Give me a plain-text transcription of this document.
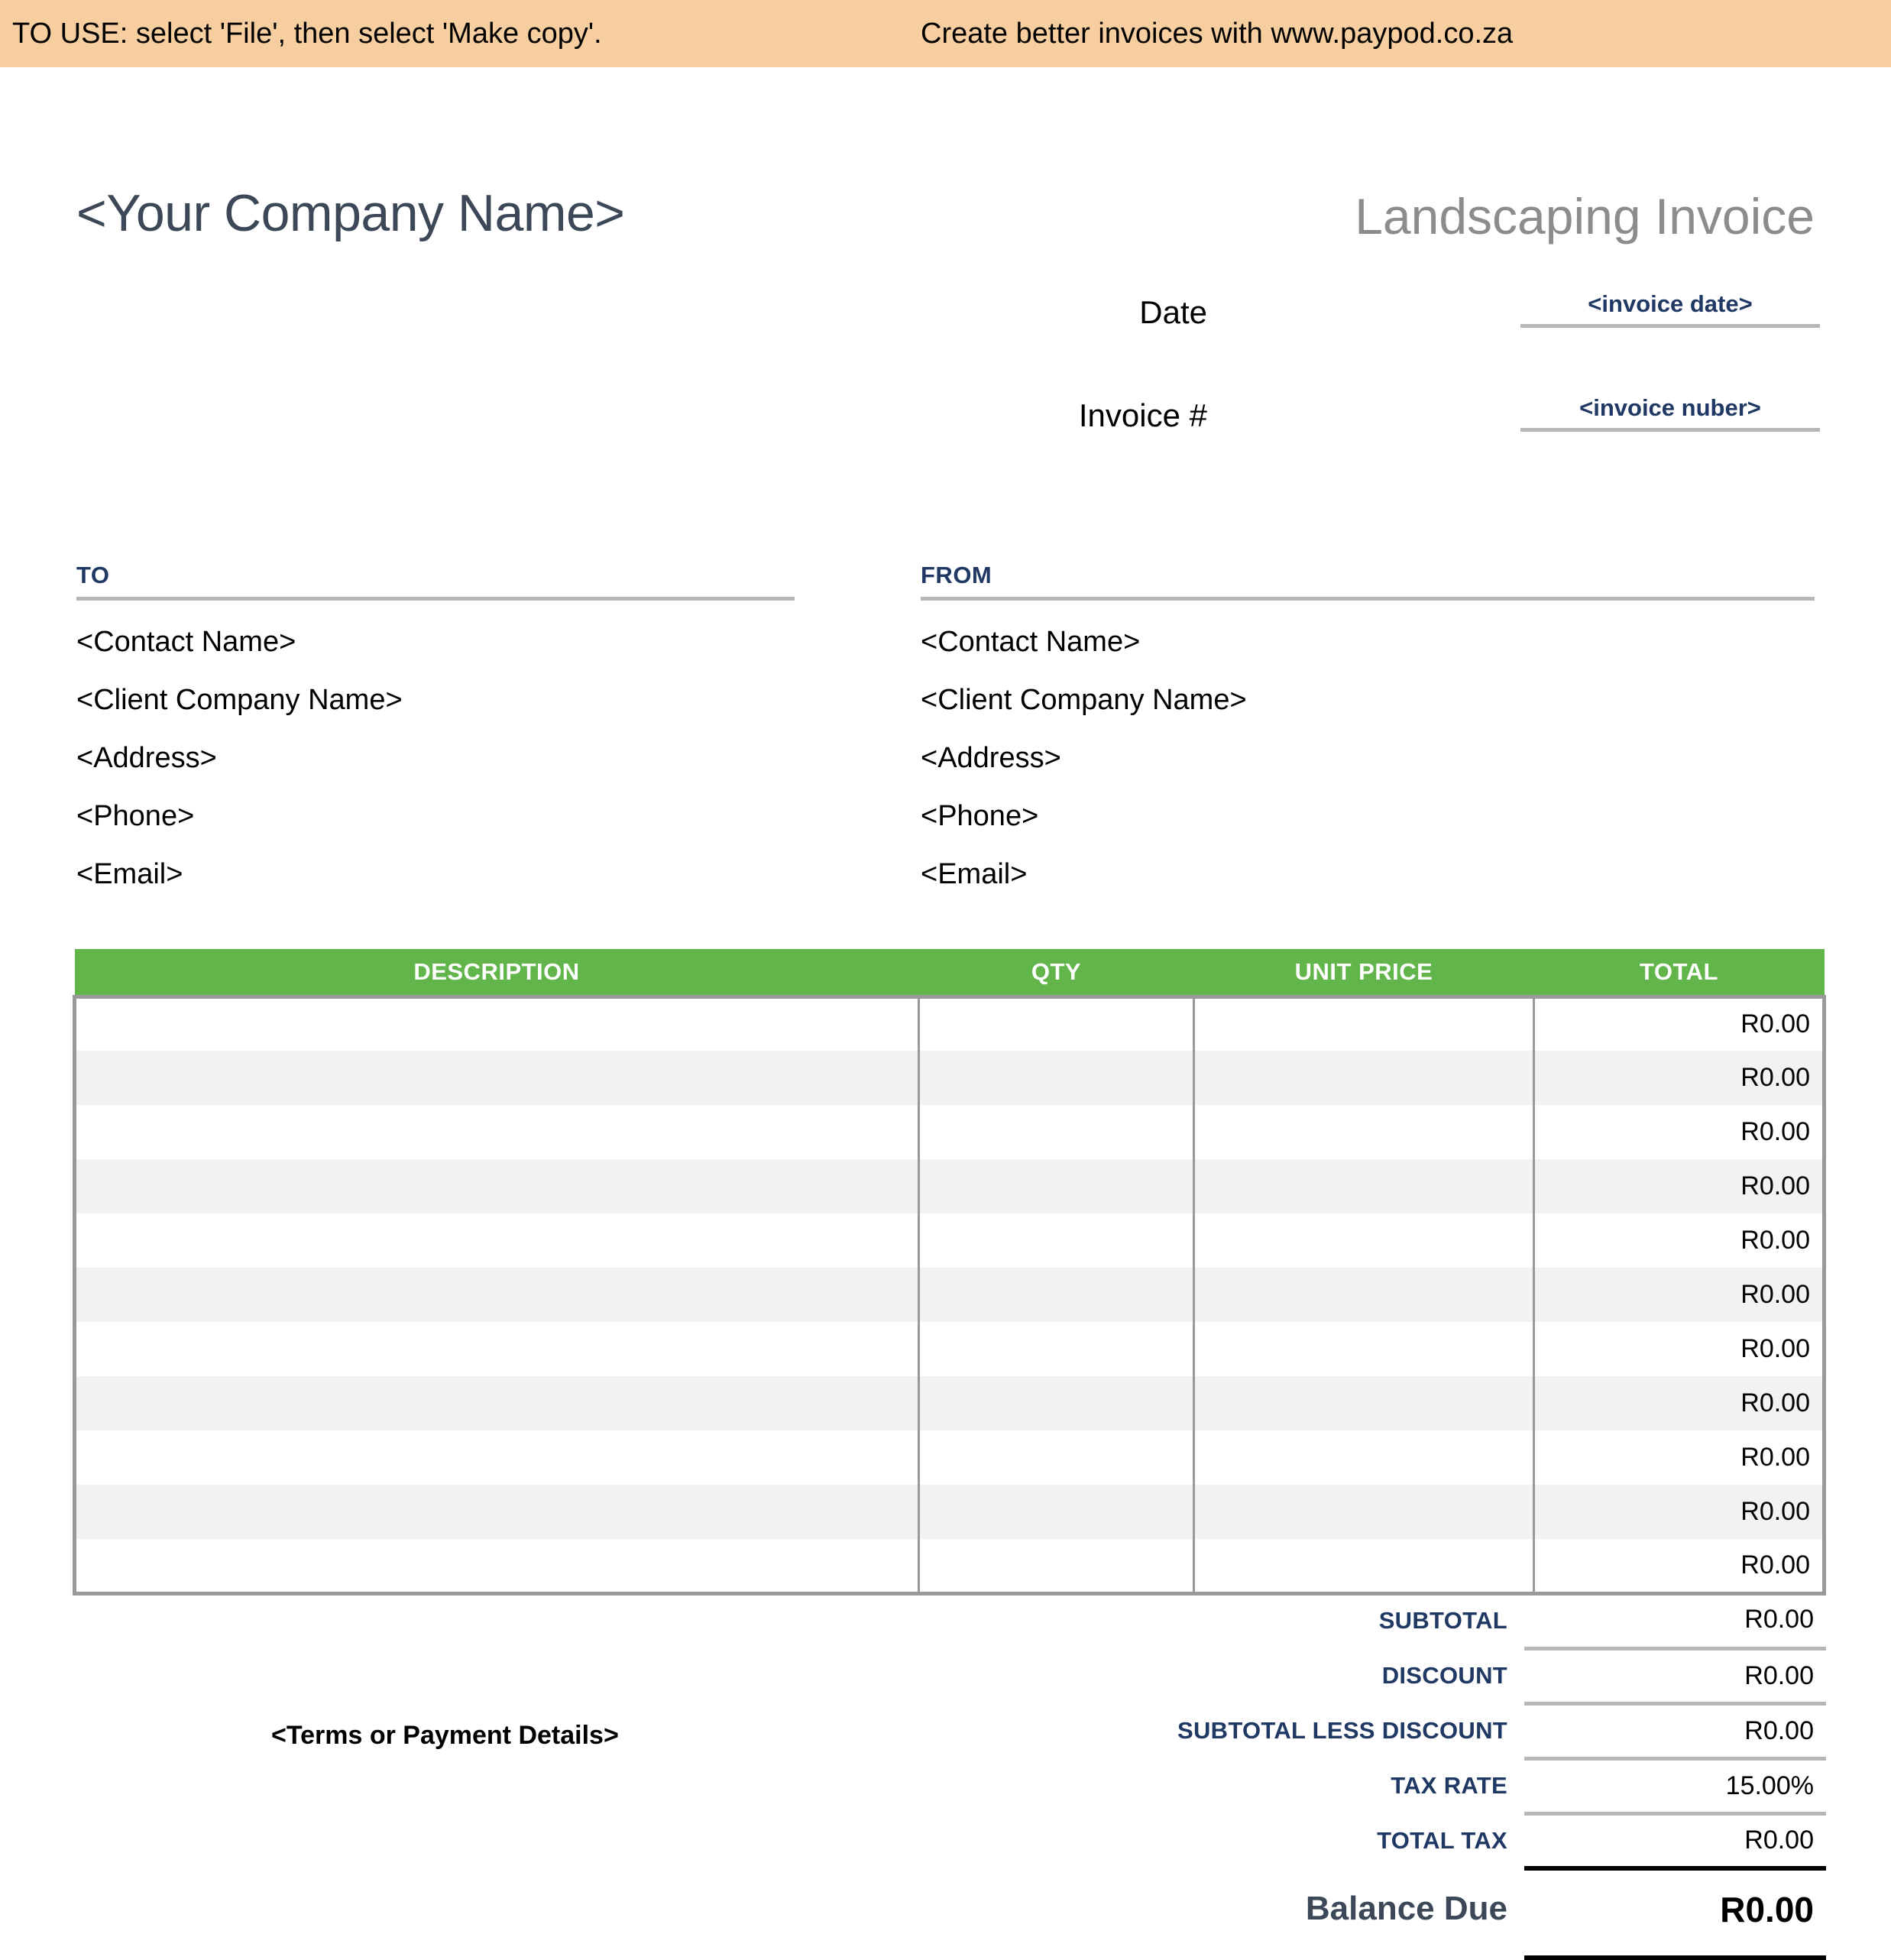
TO USE: select 'File', then select 'Make copy'.	Create better invoices with www.paypod.co.za
<Your Company Name>	Landscaping Invoice
Date	<invoice date>
Invoice #	<invoice nuber>
TO
<Contact Name>
<Client Company Name>
<Address>
<Phone>
<Email>
FROM
<Contact Name>
<Client Company Name>
<Address>
<Phone>
<Email>
DESCRIPTION	QTY	UNIT PRICE	TOTAL
			R0.00
			R0.00
			R0.00
			R0.00
			R0.00
			R0.00
			R0.00
			R0.00
			R0.00
			R0.00
			R0.00
<Terms or Payment Details>
SUBTOTAL	R0.00
DISCOUNT	R0.00
SUBTOTAL LESS DISCOUNT	R0.00
TAX RATE	15.00%
TOTAL TAX	R0.00
Balance Due	R0.00
